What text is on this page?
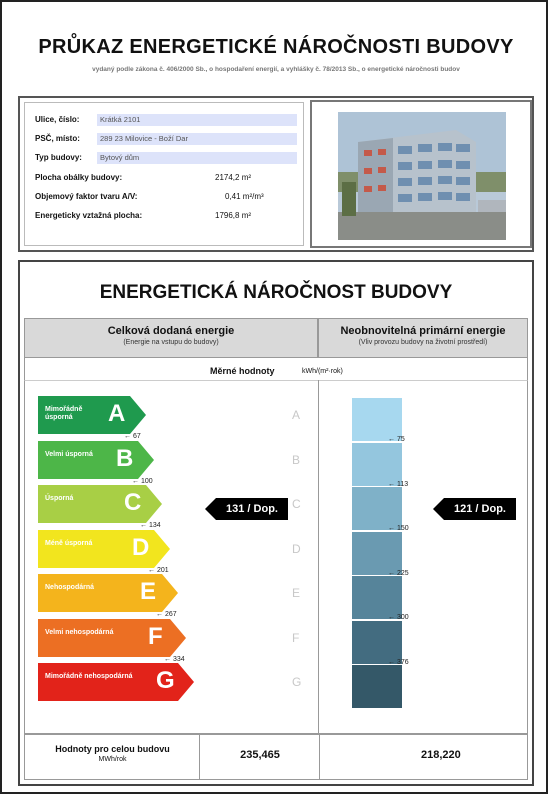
PRŮKAZ ENERGETICKÉ NÁROČNOSTI BUDOVY
vydaný podle zákona č. 406/2000 Sb., o hospodaření energií, a vyhlášky č. 78/2013 Sb., o energetické náročnosti budov
Ulice, číslo:	Krátká 2101
PSČ, místo:	289 23 Milovice - Boží Dar
Typ budovy:	Bytový dům
Plocha obálky budovy:	2174,2 m²
Objemový faktor tvaru A/V:	0,41 m²/m³
Energeticky vztažná plocha:	1796,8 m²
ENERGETICKÁ NÁROČNOST BUDOVY
Celková dodaná energie
(Energie na vstupu do budovy)
Neobnovitelná primární energie
(Vliv provozu budovy na životní prostředí)
Měrné hodnoty	kWh/(m²·rok)
Mimořádně úsporná	A	A
← 67
Velmi úsporná B	B
← 100
Úsporná	C	C
← 134
Méně úsporná	D	D
← 201
Nehospodárná	E	E
← 267
Velmi nehospodárná	F	F
← 334
Mimořádně nehospodárná G	G
← 75
← 113
← 150
← 225
← 300
← 376
131 / Dop.	121 / Dop.
Hodnoty pro celou budovu
MWh/rok	235,465	218,220
